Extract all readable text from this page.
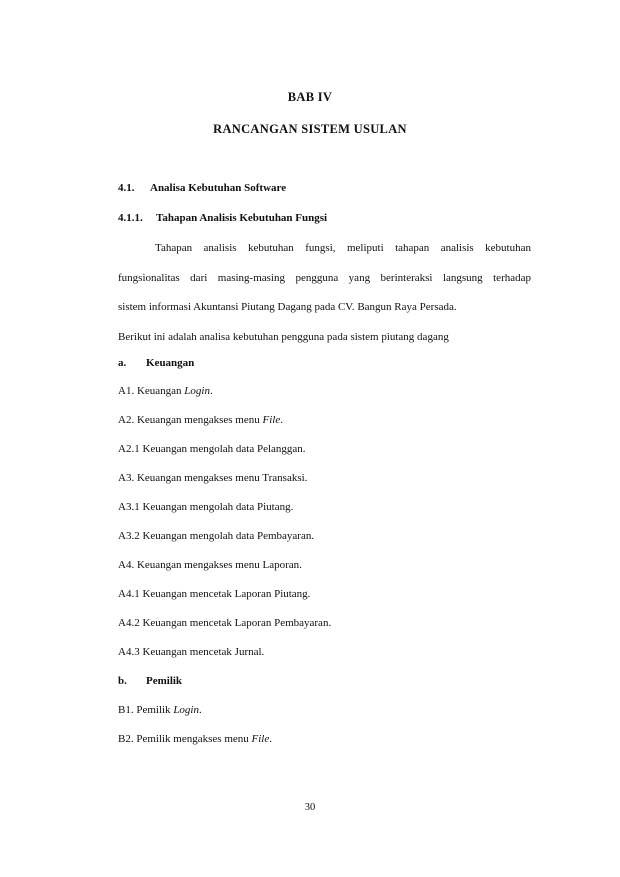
BAB IV
RANCANGAN SISTEM USULAN
4.1. Analisa Kebutuhan Software
4.1.1. Tahapan Analisis Kebutuhan Fungsi
Tahapan analisis kebutuhan fungsi, meliputi tahapan analisis kebutuhan
fungsionalitas dari masing-masing pengguna yang berinteraksi langsung terhadap
sistem informasi Akuntansi Piutang Dagang pada CV. Bangun Raya Persada.
Berikut ini adalah analisa kebutuhan pengguna pada sistem piutang dagang
a. Keuangan
A1. Keuangan Login.
A2. Keuangan mengakses menu File.
A2.1 Keuangan mengolah data Pelanggan.
A3. Keuangan mengakses menu Transaksi.
A3.1 Keuangan mengolah data Piutang.
A3.2 Keuangan mengolah data Pembayaran.
A4. Keuangan mengakses menu Laporan.
A4.1 Keuangan mencetak Laporan Piutang.
A4.2 Keuangan mencetak Laporan Pembayaran.
A4.3 Keuangan mencetak Jurnal.
b. Pemilik
B1. Pemilik Login.
B2. Pemilik mengakses menu File.
30
